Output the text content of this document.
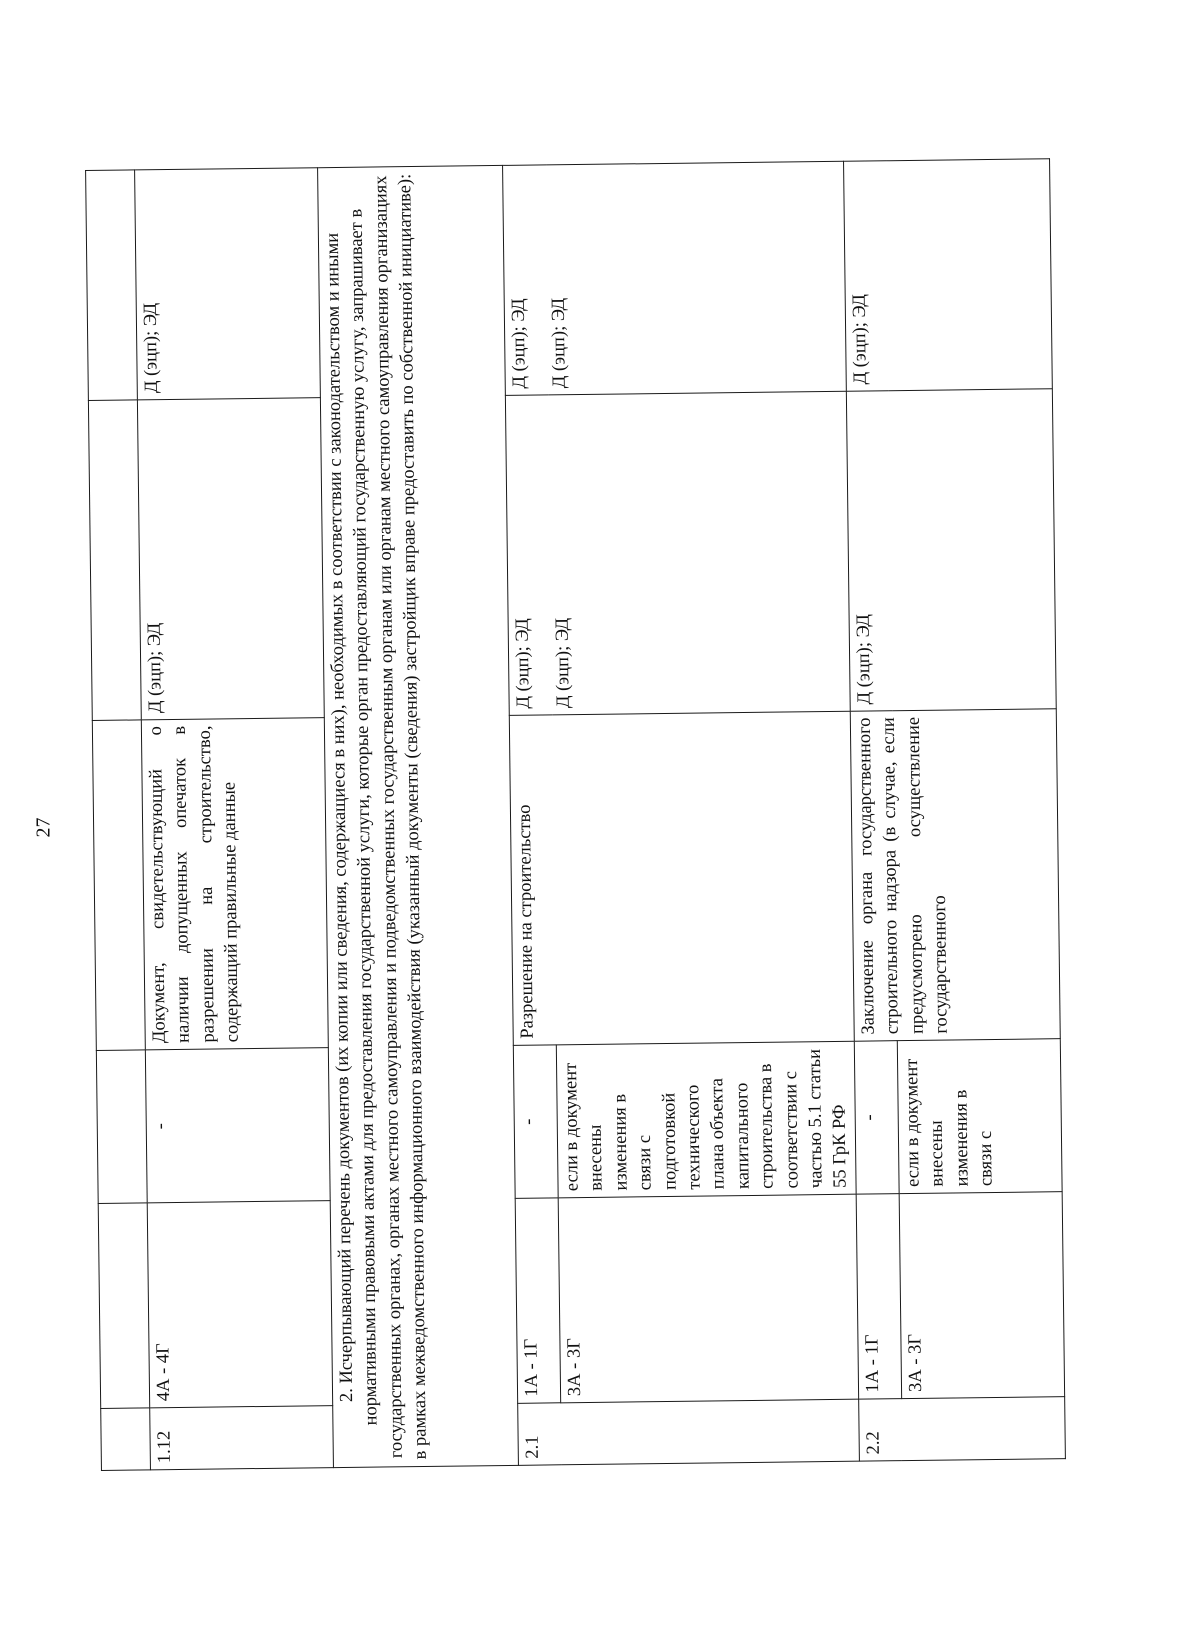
27

1.12	4А - 4Г	-	Документ, свидетельствующий о наличии допущенных опечаток в разрешении на строительство, содержащий правильные данные	Д (эцп); ЭД	Д (эцп); ЭД
2. Исчерпывающий перечень документов (их копии или сведения, содержащиеся в них), необходимых в соответствии с законодательством и иными нормативными правовыми актами для предоставления государственной услуги, которые орган предоставляющий государственную услугу, запрашивает в государственных органах, органах местного самоуправления и подведомственных государственным органам или органам местного самоуправления организациях в рамках межведомственного информационного взаимодействия (указанный документы (сведения) застройщик вправе предоставить по собственной инициативе):					
2.1	1А - 1Г	-	Разрешение на строительство	Д (эцп); ЭД Д (эцп); ЭД	Д (эцп); ЭД Д (эцп); ЭД

	3А - 3Г	если в документ внесены изменения в связи с подготовкой технического плана объекта капитального строительства в соответствии с частью 5.1 статьи 55 ГрК РФ			
2.2	1А - 1Г	-	Заключение органа государственного строительного надзора (в случае, если предусмотрено осуществление государственного	Д (эцп); ЭД	Д (эцп); ЭД
	3А - 3Г	если в документ внесены изменения в связи с			
